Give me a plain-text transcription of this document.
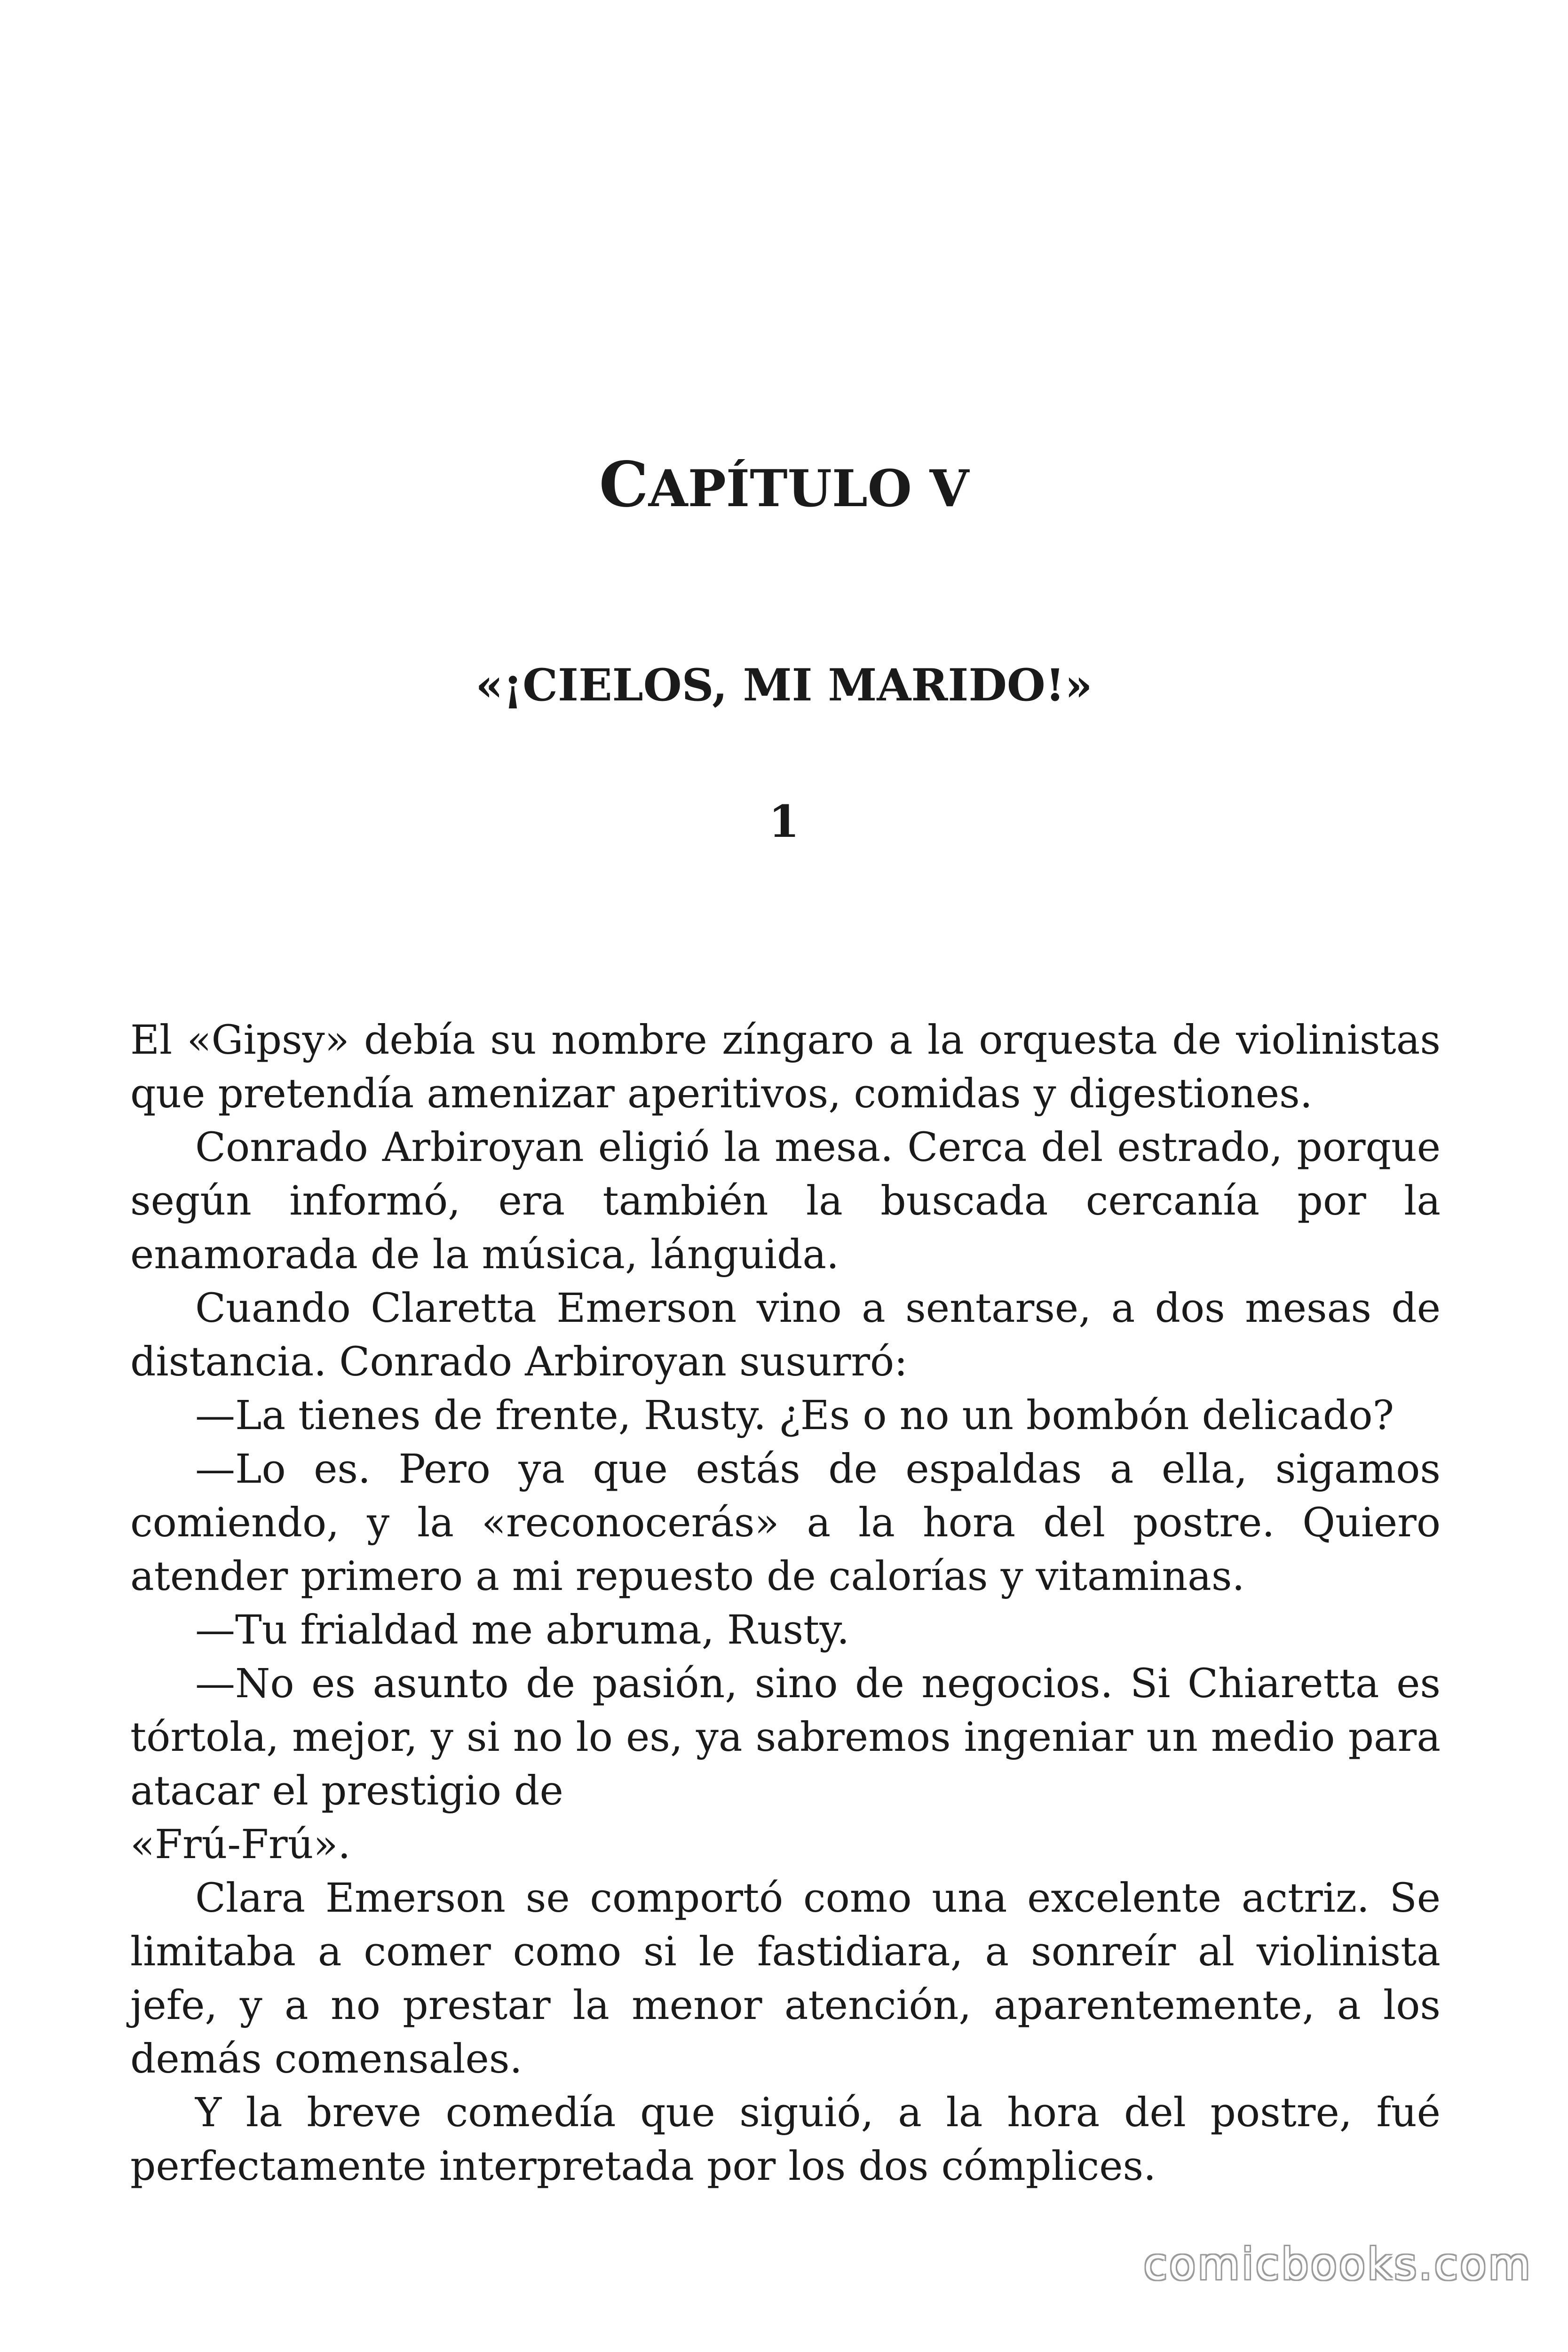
CAPÍTULO V
«¡CIELOS, MI MARIDO!»
1

El «Gipsy» debía su nombre zíngaro a la orquesta de violinistas que pretendía amenizar aperitivos, comidas y digestiones.

Conrado Arbiroyan eligió la mesa. Cerca del estrado, porque según informó, era también la buscada cercanía por la enamorada de la música, lánguida.

Cuando Claretta Emerson vino a sentarse, a dos mesas de distancia. Conrado Arbiroyan susurró:

—La tienes de frente, Rusty. ¿Es o no un bombón delicado?

—Lo es. Pero ya que estás de espaldas a ella, sigamos comiendo, y la «reconocerás» a la hora del postre. Quiero atender primero a mi repuesto de calorías y vitaminas.

—Tu frialdad me abruma, Rusty.

—No es asunto de pasión, sino de negocios. Si Chiaretta es tórtola, mejor, y si no lo es, ya sabremos ingeniar un medio para atacar el prestigio de

«Frú-Frú».

Clara Emerson se comportó como una excelente actriz. Se limitaba a comer como si le fastidiara, a sonreír al violinista jefe, y a no prestar la menor atención, aparentemente, a los demás comensales.

Y la breve comedía que siguió, a la hora del postre, fué perfectamente interpretada por los dos cómplices.

comicbooks.com
